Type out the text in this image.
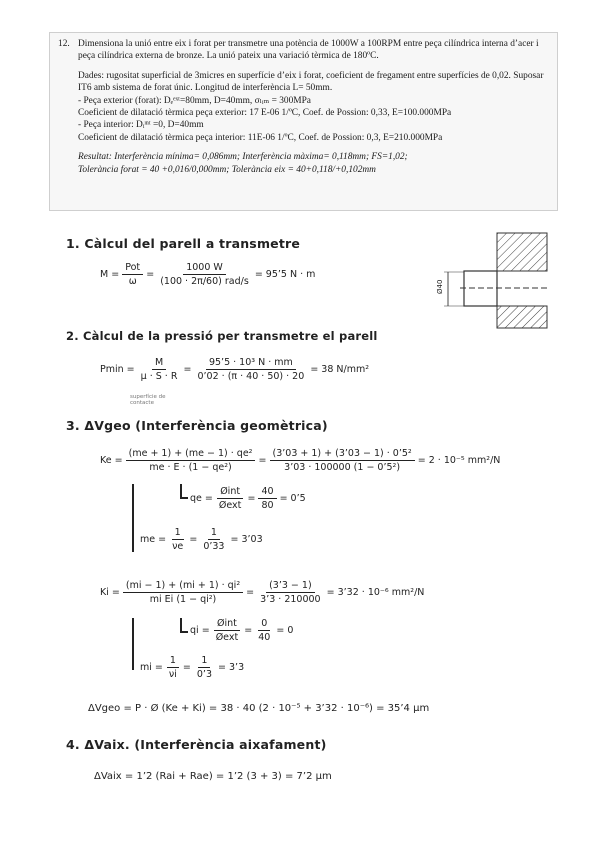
12. Dimensiona la unió entre eix i forat per transmetre una potència de 1000W a 100RPM entre peça cilíndrica interna d’acer i peça cilíndrica externa de bronze. La unió pateix una variació tèrmica de 180ºC.

Dades: rugositat superficial de 3micres en superfície d’eix i forat, coeficient de fregament entre superfícies de 0,02. Suposar IT6 amb sistema de forat únic. Longitud de interferència L= 50mm.

- Peça exterior (forat): Dₑᵉˣᵗ=80mm, D=40mm, σₗᵢₘ = 300MPa

Coeficient de dilatació tèrmica peça exterior: 17 E-06 1/ºC, Coef. de Possion: 0,33, E=100.000MPa

- Peça interior: Dᵢᶦⁿᵗ =0, D=40mm

Coeficient de dilatació tèrmica peça interior: 11E-06 1/ºC, Coef. de Possion: 0,3, E=210.000MPa

Resultat: Interferència mínima= 0,086mm; Interferència màxima= 0,118mm; FS=1,02;

Tolerància forat = 40 +0,016/0,000mm; Tolerància eix = 40+0,118/+0,102mm

1. Càlcul del parell a transmetre
$M = \frac{\text{Pot}}{\omega} = \frac{1000 W}{\text{(100 · 2π/60) rad/s}}$ = 95’5 N · m
Ø40
2. Càlcul de la pressió per transmetre el parell
$Pmin = \frac{M}{\mu \cdot S \cdot R} = \frac{\text{95’5 · 10³ N · mm}}{0’02 \cdot (\pi \cdot 40 \cdot 50) \cdot 20} = 38$ N/mm²
superfície de contacte
3. ΔVgeo (Interferència geomètrica)
$Ke = \frac{\text{(me + 1) + (me − 1) · qe²}}{\text{me · E · (1 − qe²)}} = \frac{\text{(3’03 + 1) + (3’03 − 1) · 0’5²}}{\text{3’03 · 100000 (1 − 0’5²)}} = 2 \cdot 10^{-5}$ mm²/N
qe = $\frac{\text{Øint}}{\text{Øext}} = \frac{40}{80}$ = 0’5
me = $\frac{1}{\nu e} = \frac{1}{0’33}$ = 3’03
$Ki = \frac{\text{(mi − 1) + (mi + 1) · qi²}}{\text{mi Ei (1 − qi²)}} = \frac{(3’3 - 1)}{3’3 \cdot 210000}$ = 3’32 · 10⁻⁶ mm²/N
qi = $\frac{\text{Øint}}{\text{Øext}} = \frac{0}{40} = 0$
mi = $\frac{1}{\nu i} = \frac{1}{0’3}$ = 3’3
ΔVgeo = P · Ø (Ke + Ki) = 38 · 40 (2 · 10⁻⁵ + 3’32 · 10⁻⁶) = 35’4 μm
4. ΔVaix. (Interferència aixafament)
ΔVaix = 1’2 (Rai + Rae) = 1’2 (3 + 3) = 7’2 μm
